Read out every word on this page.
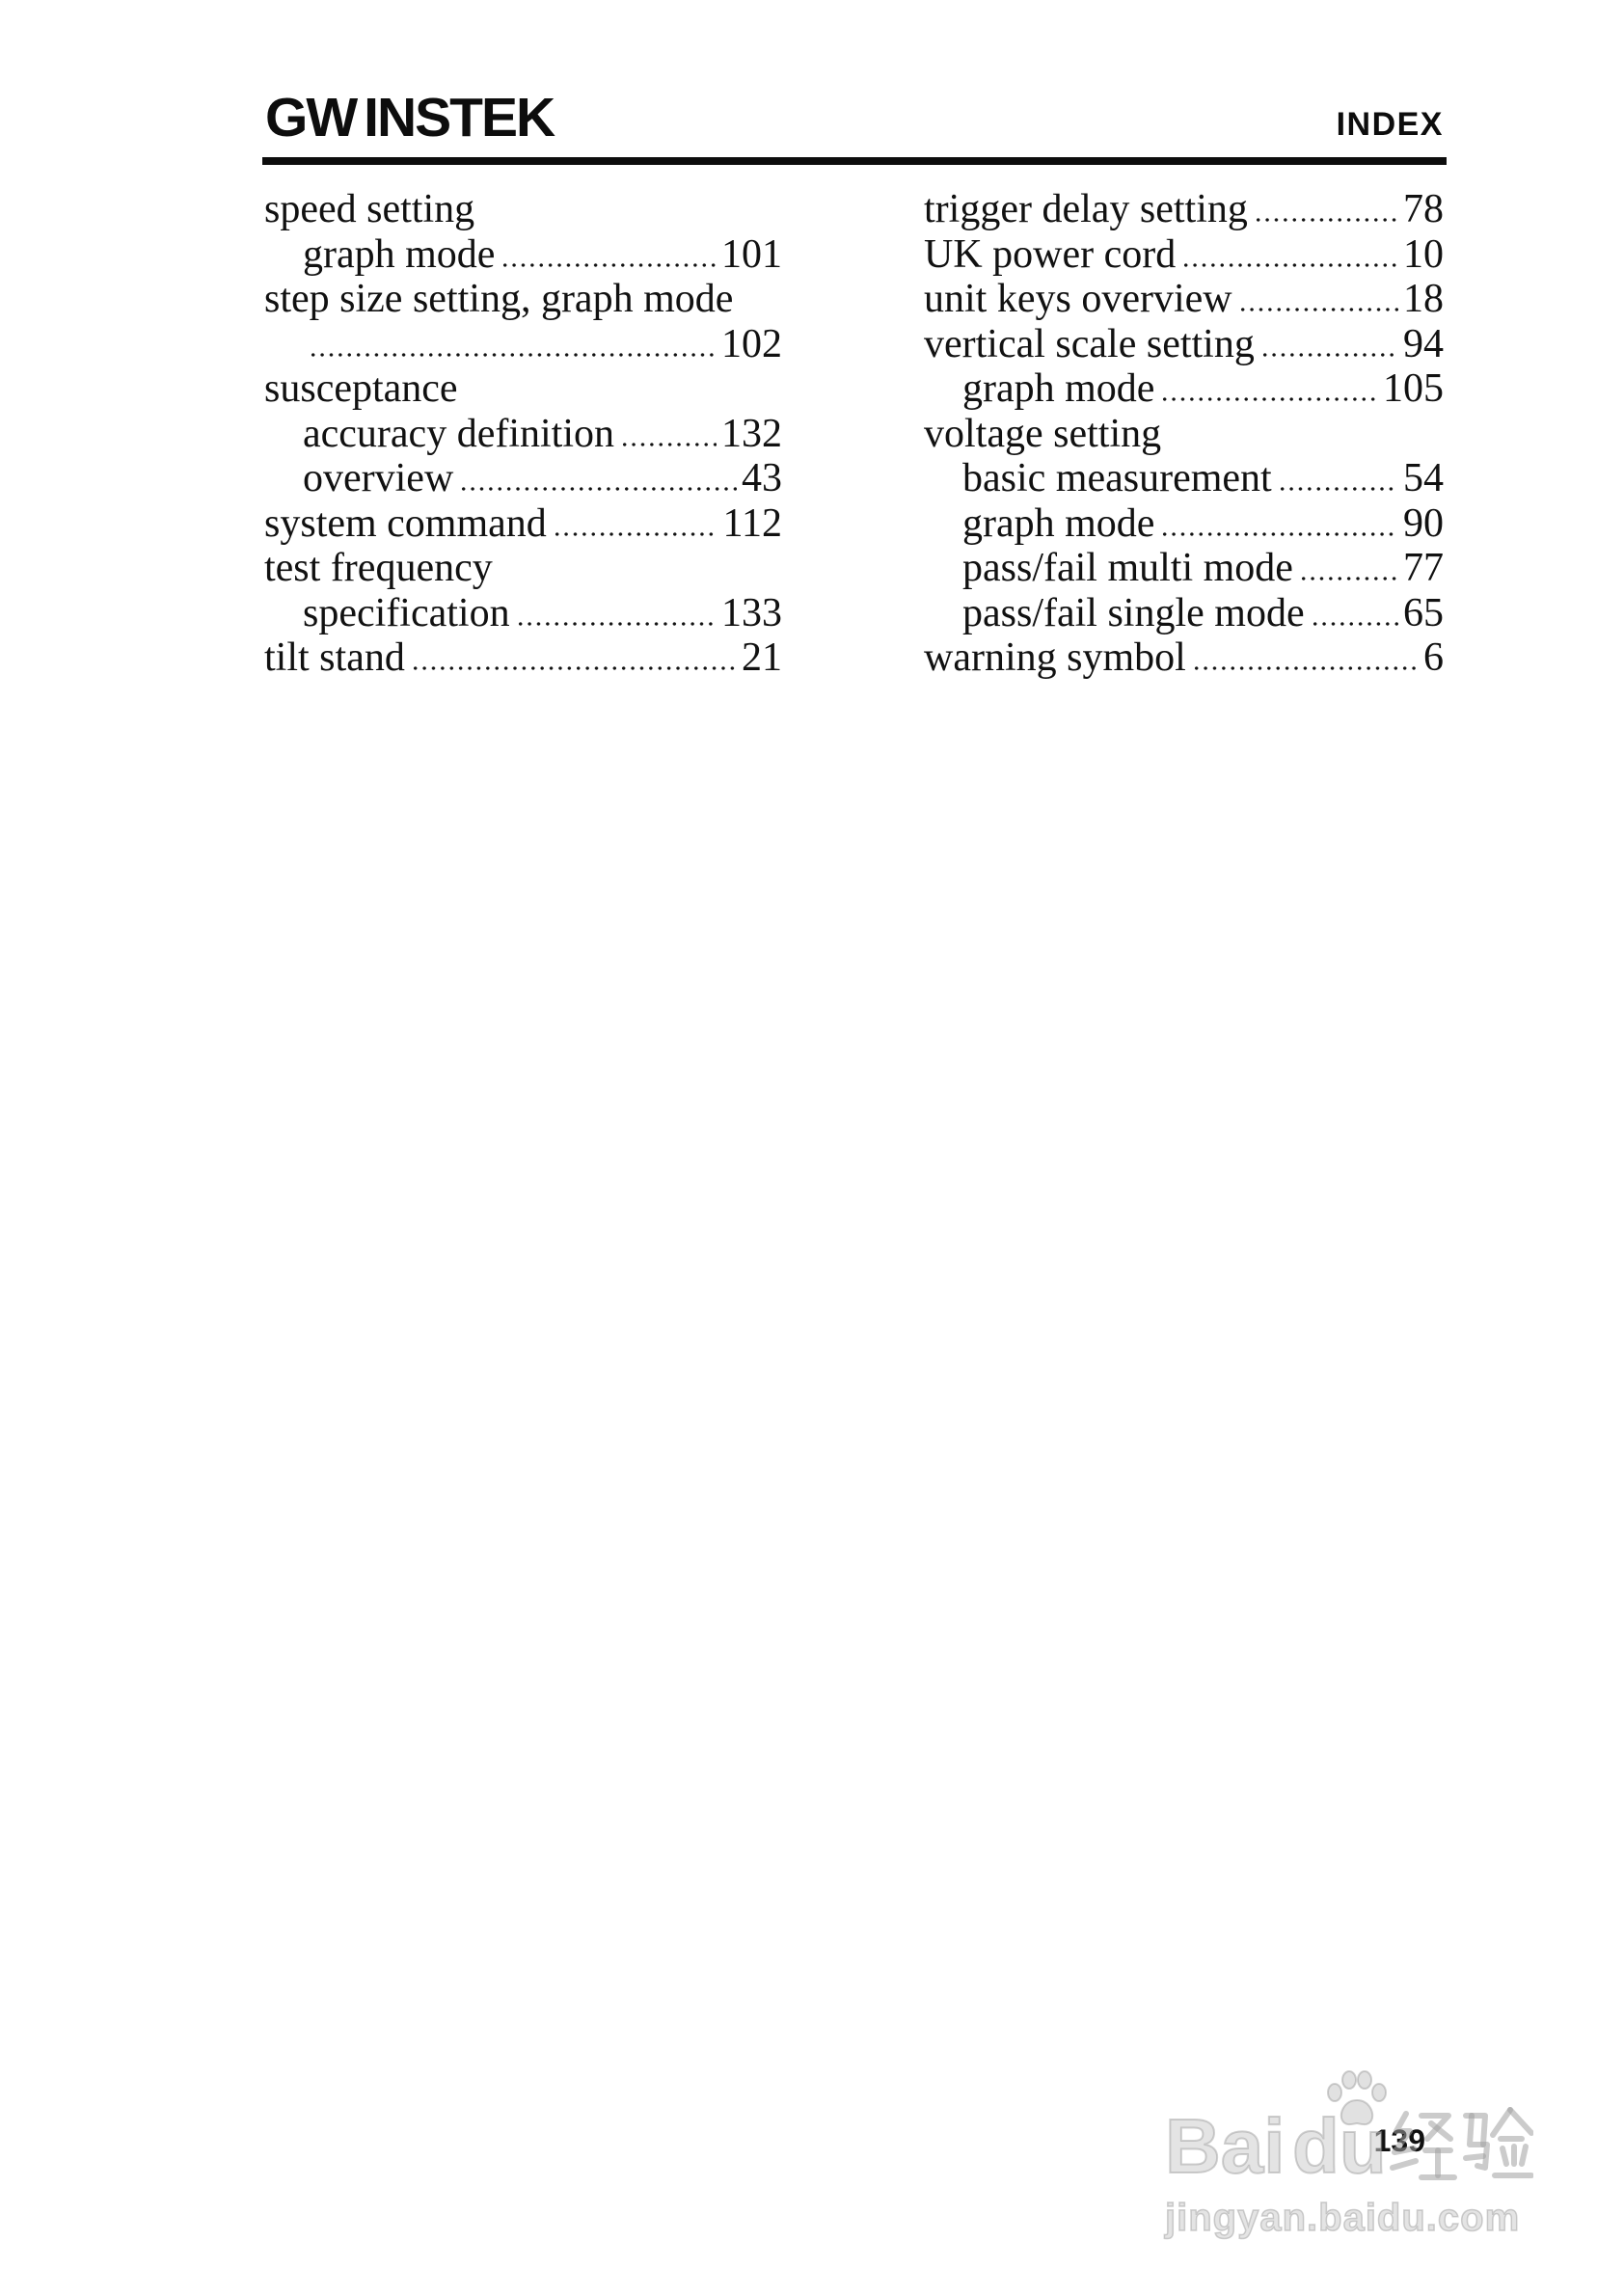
GW INSTEK	INDEX
speed setting
graph mode	101
step size setting, graph mode
102
susceptance
accuracy definition	132
overview	43
system command	112
test frequency
specification	133
tilt stand	21
trigger delay setting	78
UK power cord	10
unit keys overview	18
vertical scale setting	94
graph mode	105
voltage setting
basic measurement	54
graph mode	90
pass/fail multi mode	77
pass/fail single mode 65
warning symbol	6
139
Bai du
jingyan.baidu.com
